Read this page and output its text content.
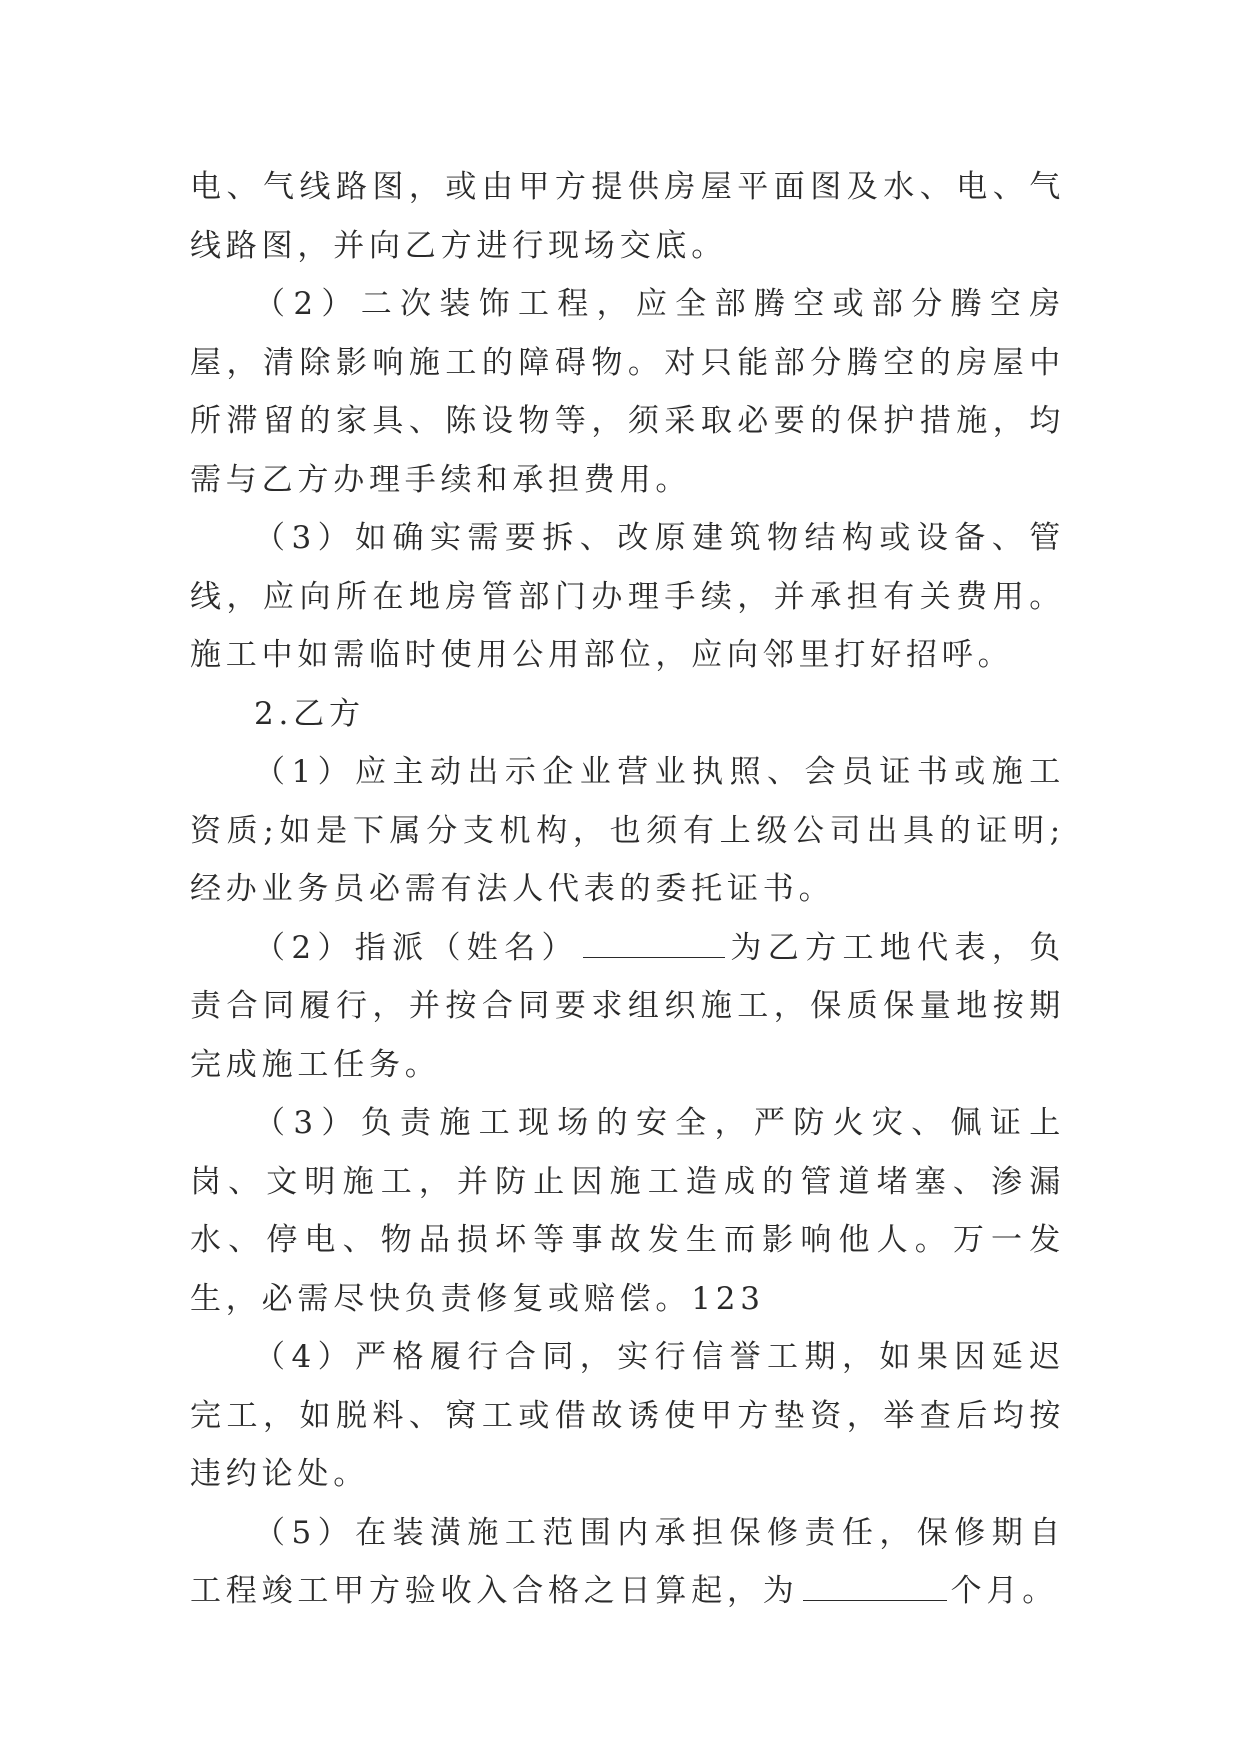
电、气线路图，或由甲方提供房屋平面图及水、电、气线路图，并向乙方进行现场交底。

（2）二次装饰工程，应全部腾空或部分腾空房屋，清除影响施工的障碍物。对只能部分腾空的房屋中所滞留的家具、陈设物等，须采取必要的保护措施，均需与乙方办理手续和承担费用。

（3）如确实需要拆、改原建筑物结构或设备、管线，应向所在地房管部门办理手续，并承担有关费用。施工中如需临时使用公用部位，应向邻里打好招呼。

2.乙方

（1）应主动出示企业营业执照、会员证书或施工资质;如是下属分支机构，也须有上级公司出具的证明;经办业务员必需有法人代表的委托证书。

（2）指派（姓名）	为乙方工地代表，负责合同履行，并按合同要求组织施工，保质保量地按期完成施工任务。

（3）负责施工现场的安全，严防火灾、佩证上岗、文明施工，并防止因施工造成的管道堵塞、渗漏水、停电、物品损坏等事故发生而影响他人。万一发生，必需尽快负责修复或赔偿。123

（4）严格履行合同，实行信誉工期，如果因延迟完工，如脱料、窝工或借故诱使甲方垫资，举查后均按违约论处。

（5）在装潢施工范围内承担保修责任，保修期自工程竣工甲方验收入合格之日算起，为	个月。
